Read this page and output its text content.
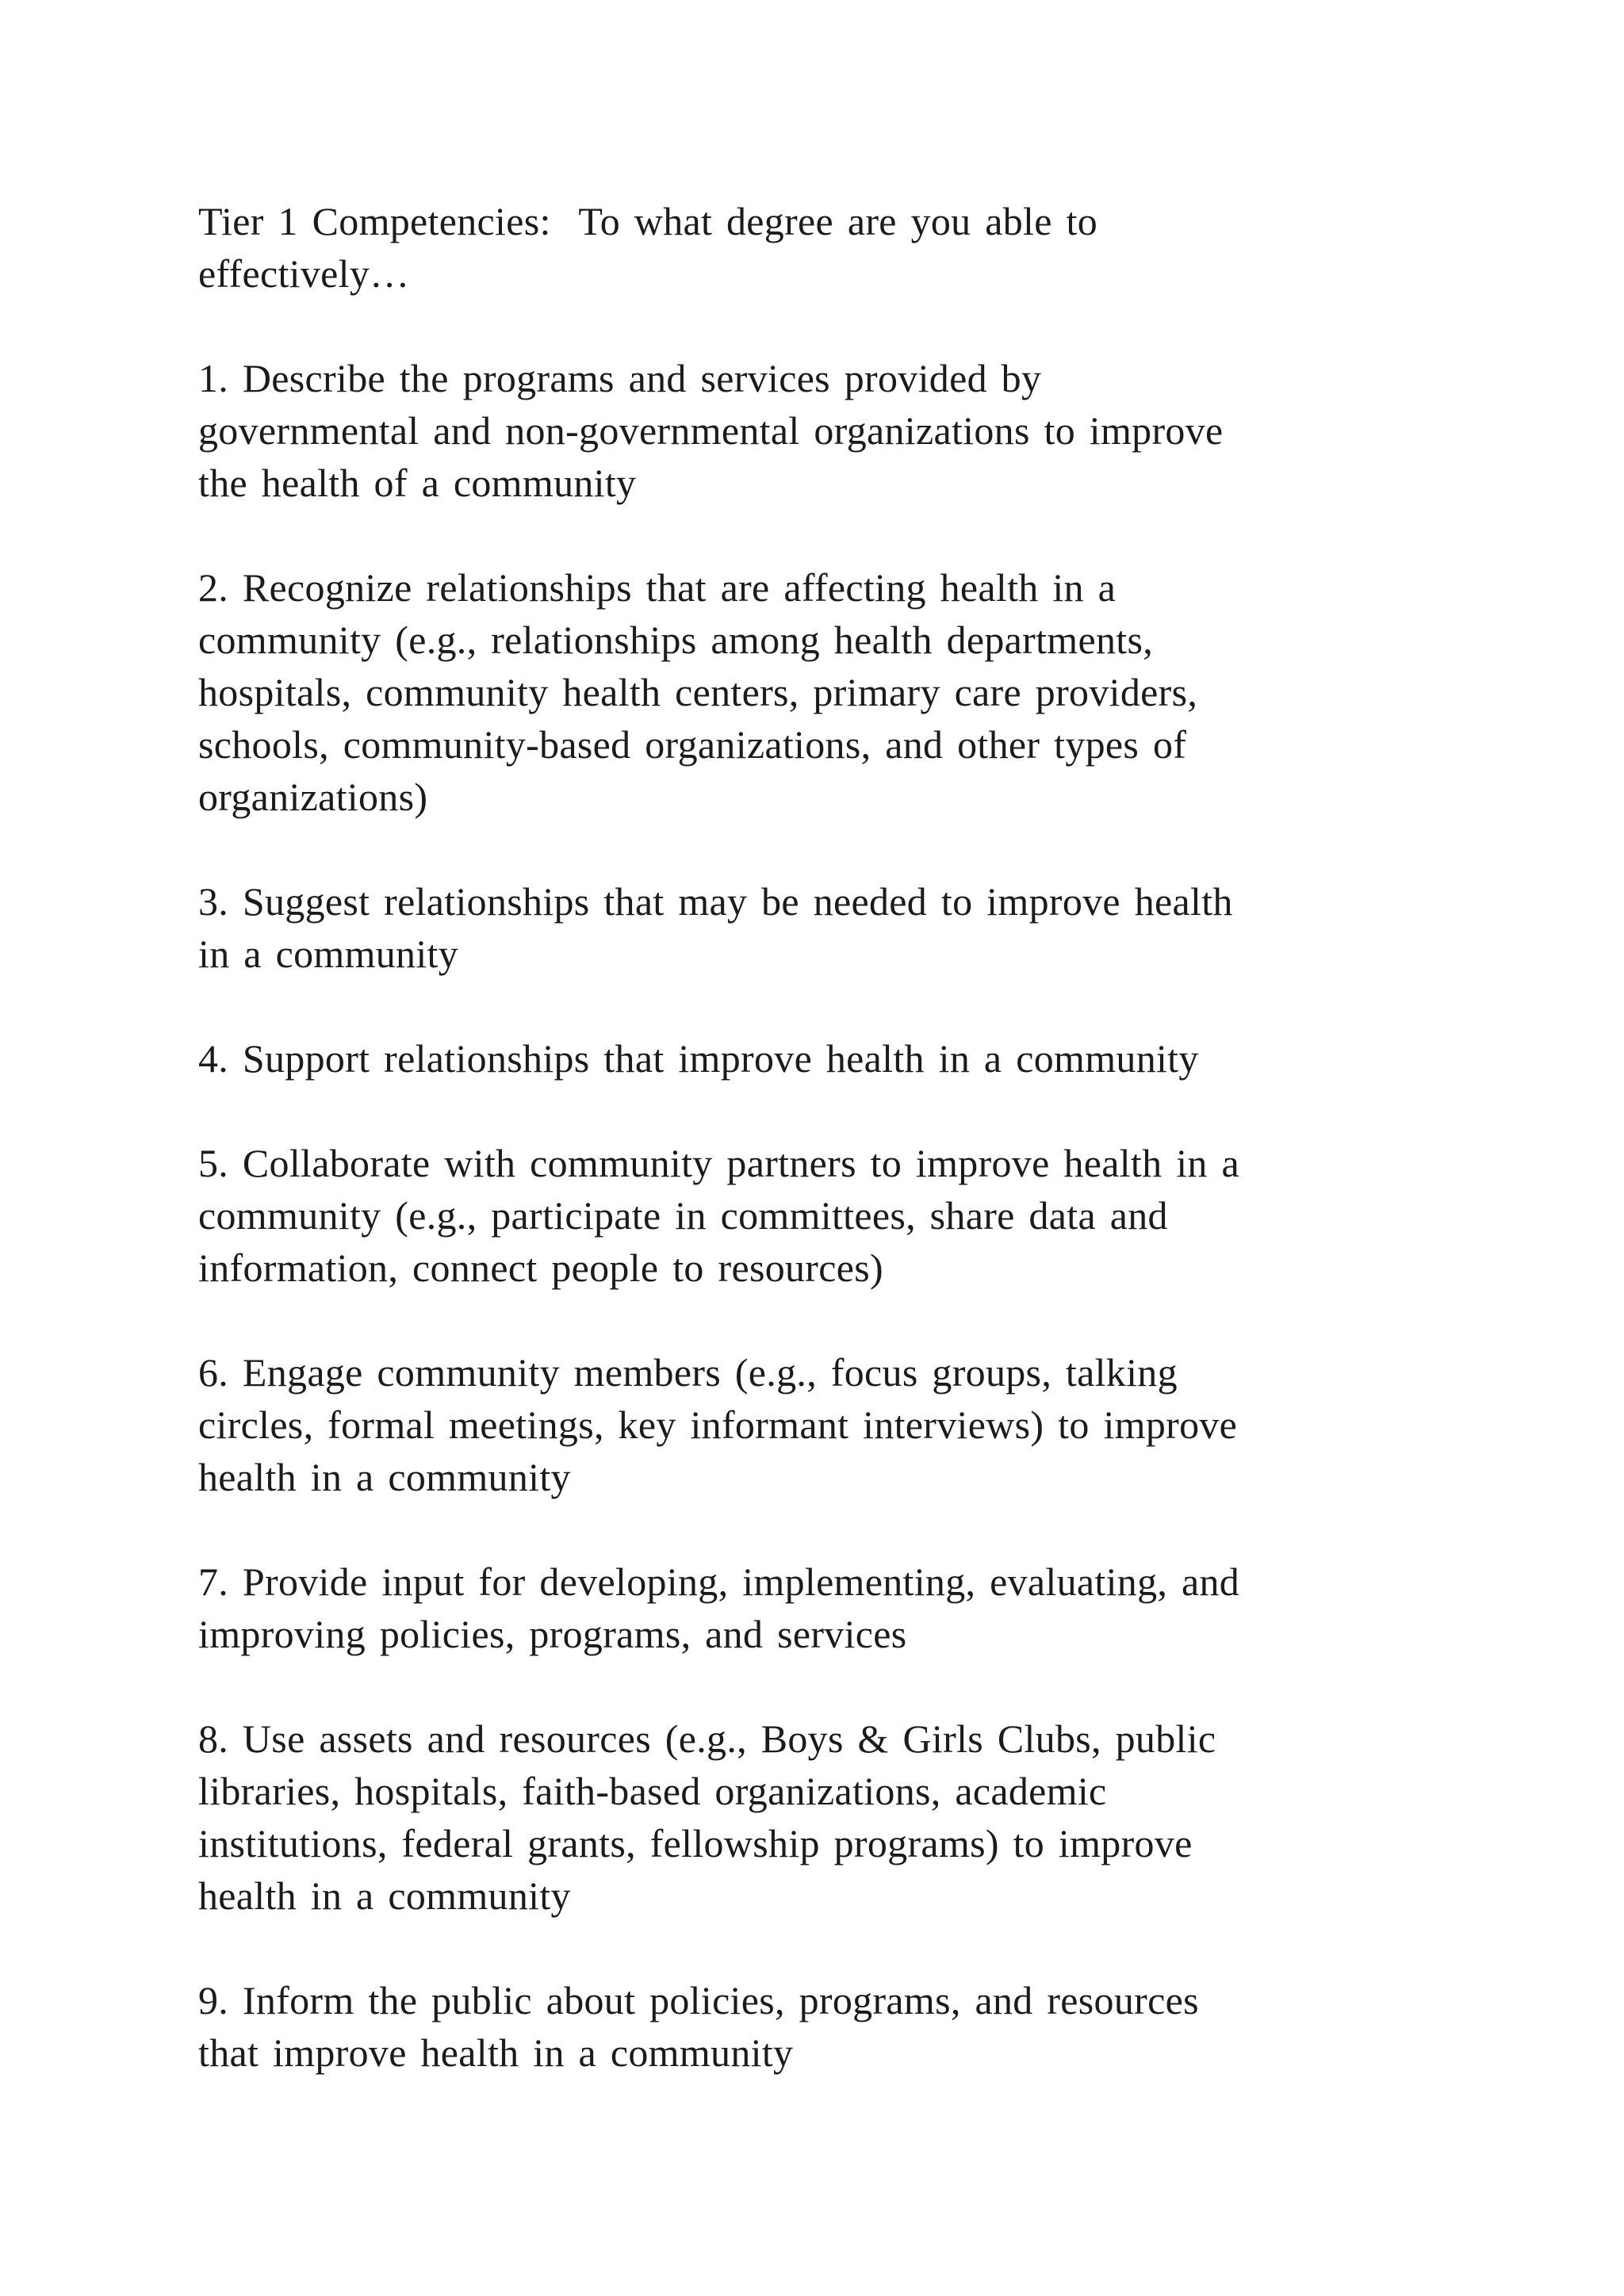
Tier 1 Competencies:  To what degree are you able to
effectively…
1. Describe the programs and services provided by
governmental and non-governmental organizations to improve
the health of a community
2. Recognize relationships that are affecting health in a
community (e.g., relationships among health departments,
hospitals, community health centers, primary care providers,
schools, community-based organizations, and other types of
organizations)
3. Suggest relationships that may be needed to improve health
in a community
4. Support relationships that improve health in a community
5. Collaborate with community partners to improve health in a
community (e.g., participate in committees, share data and
information, connect people to resources)
6. Engage community members (e.g., focus groups, talking
circles, formal meetings, key informant interviews) to improve
health in a community
7. Provide input for developing, implementing, evaluating, and
improving policies, programs, and services
8. Use assets and resources (e.g., Boys & Girls Clubs, public
libraries, hospitals, faith-based organizations, academic
institutions, federal grants, fellowship programs) to improve
health in a community
9. Inform the public about policies, programs, and resources
that improve health in a community
